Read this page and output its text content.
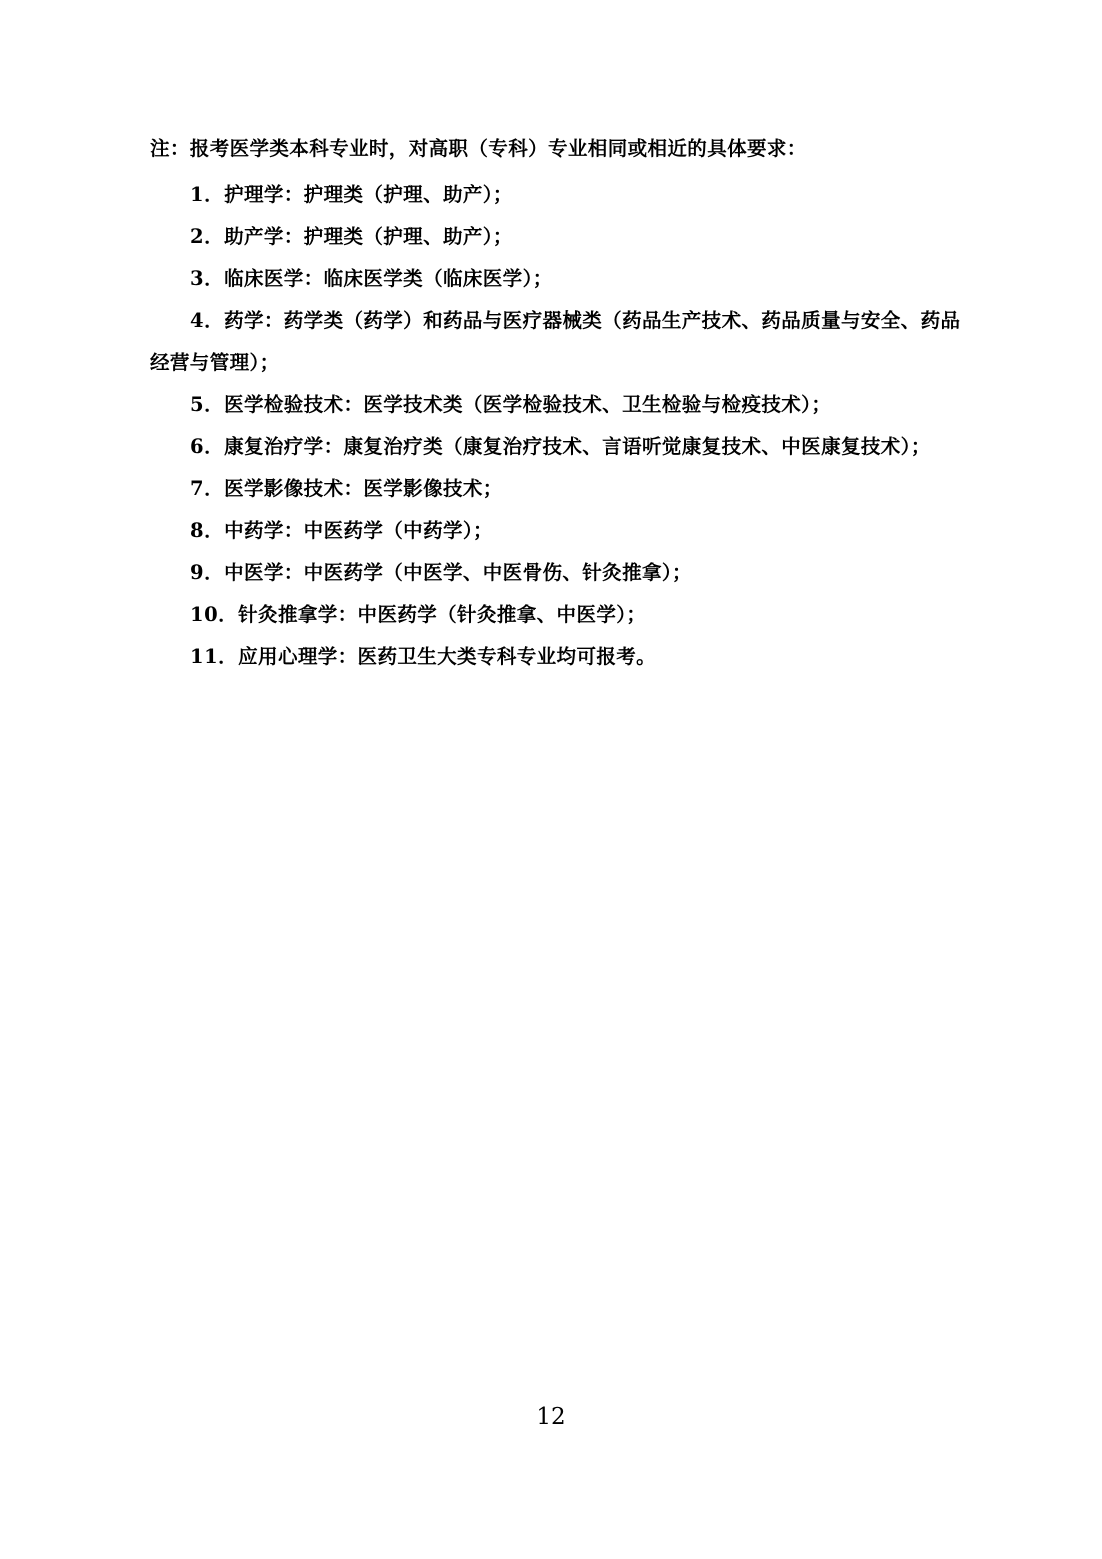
注：报考医学类本科专业时，对高职（专科）专业相同或相近的具体要求：

1．护理学：护理类（护理、助产）；

2．助产学：护理类（护理、助产）；

3．临床医学：临床医学类（临床医学）；

4．药学：药学类（药学）和药品与医疗器械类（药品生产技术、药品质量与安全、药品经营与管理）；

5．医学检验技术：医学技术类（医学检验技术、卫生检验与检疫技术）；

6．康复治疗学：康复治疗类（康复治疗技术、言语听觉康复技术、中医康复技术）；

7．医学影像技术：医学影像技术；

8．中药学：中医药学（中药学）；

9．中医学：中医药学（中医学、中医骨伤、针灸推拿）；

10．针灸推拿学：中医药学（针灸推拿、中医学）；

11．应用心理学：医药卫生大类专科专业均可报考。

12
